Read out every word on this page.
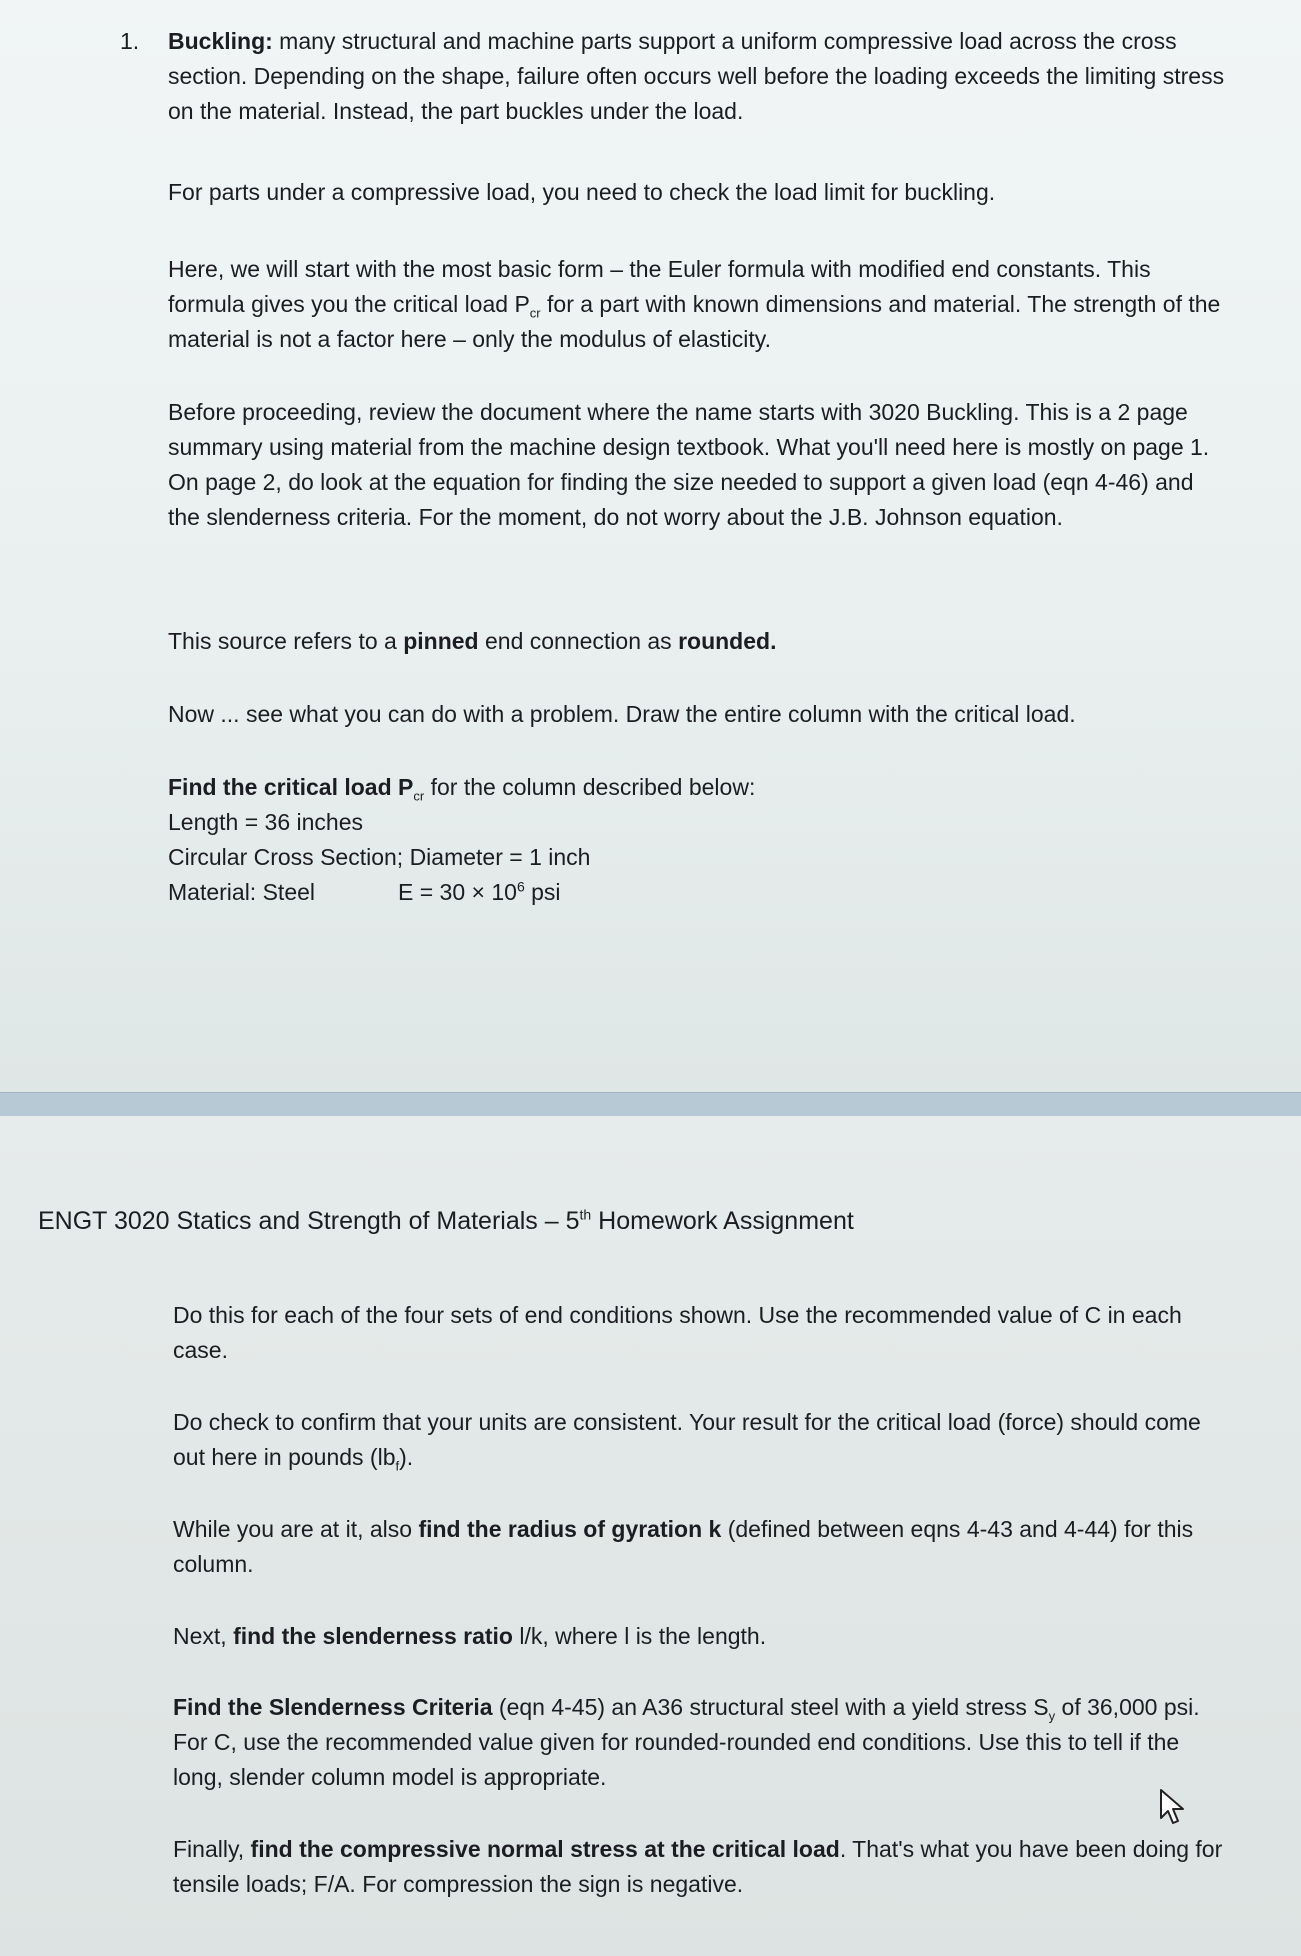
1. Buckling: many structural and machine parts support a uniform compressive load across the cross section. Depending on the shape, failure often occurs well before the loading exceeds the limiting stress on the material. Instead, the part buckles under the load.

For parts under a compressive load, you need to check the load limit for buckling.

Here, we will start with the most basic form – the Euler formula with modified end constants. This formula gives you the critical load $P_{cr}$ for a part with known dimensions and material. The strength of the material is not a factor here – only the modulus of elasticity.

Before proceeding, review the document where the name starts with 3020 Buckling. This is a 2 page summary using material from the machine design textbook. What you'll need here is mostly on page 1. On page 2, do look at the equation for finding the size needed to support a given load (eqn 4-46) and the slenderness criteria. For the moment, do not worry about the J.B. Johnson equation.

This source refers to a pinned end connection as rounded.

Now ... see what you can do with a problem. Draw the entire column with the critical load.

Find the critical load $P_{cr}$ for the column described below:

Length = 36 inches

Circular Cross Section; Diameter = 1 inch

Material: Steel	$E = 30 \times 10^6$ psi

ENGT 3020 Statics and Strength of Materials – 5th Homework Assignment

Do this for each of the four sets of end conditions shown. Use the recommended value of C in each case.

Do check to confirm that your units are consistent. Your result for the critical load (force) should come out here in pounds $(lb_f)$.

While you are at it, also find the radius of gyration k (defined between eqns 4-43 and 4-44) for this column.

Next, find the slenderness ratio l/k, where l is the length.

Find the Slenderness Criteria (eqn 4-45) an A36 structural steel with a yield stress $S_y$ of 36,000 psi. For C, use the recommended value given for rounded-rounded end conditions. Use this to tell if the long, slender column model is appropriate.

Finally, find the compressive normal stress at the critical load. That's what you have been doing for tensile loads; F/A. For compression the sign is negative.
